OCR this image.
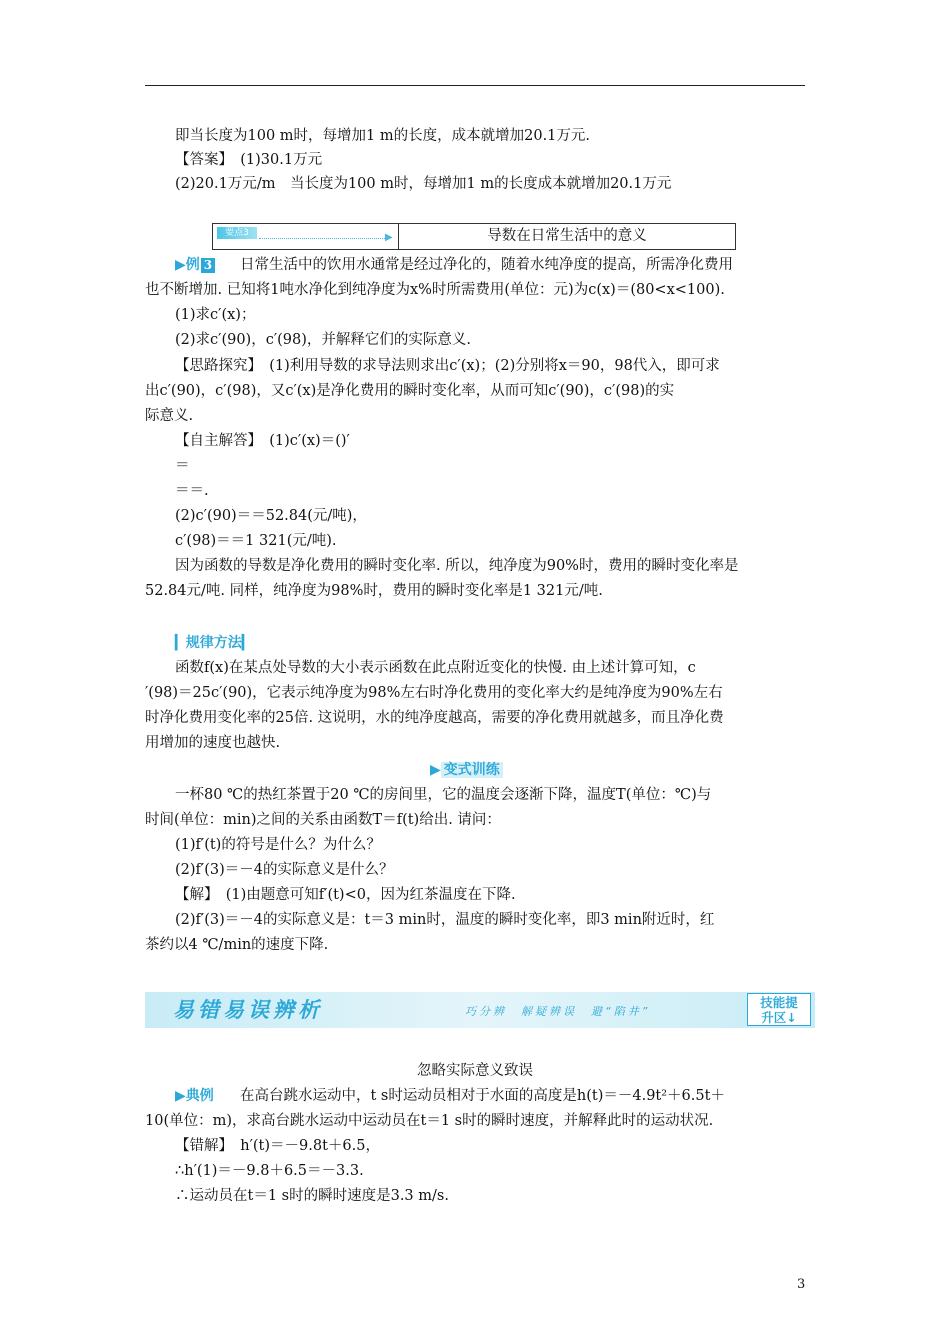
即当长度为100 m时，每增加1 m的长度，成本就增加20.1万元.
【答案】　(1)30.1万元
(2)20.1万元/m　当长度为100 m时，每增加1 m的长度成本就增加20.1万元
要点3	▶	导数在日常生活中的意义
▶例 3 日常生活中的饮用水通常是经过净化的，随着水纯净度的提高，所需净化费用
也不断增加. 已知将1吨水净化到纯净度为x%时所需费用(单位：元)为c(x)＝(80<x<100).
(1)求c′(x)；
(2)求c′(90)，c′(98)，并解释它们的实际意义.
【思路探究】　(1)利用导数的求导法则求出c′(x)；(2)分别将x＝90，98代入，即可求
出c′(90)，c′(98)，又c′(x)是净化费用的瞬时变化率，从而可知c′(90)，c′(98)的实
际意义.
【自主解答】　(1)c′(x)＝()′
＝
＝＝.
(2)c′(90)＝＝52.84(元/吨)，
c′(98)＝＝1 321(元/吨).
因为函数的导数是净化费用的瞬时变化率. 所以，纯净度为90%时，费用的瞬时变化率是
52.84元/吨. 同样，纯净度为98%时，费用的瞬时变化率是1 321元/吨.
▎规律方法▎
函数f(x)在某点处导数的大小表示函数在此点附近变化的快慢. 由上述计算可知，c
′(98)＝25c′(90)，它表示纯净度为98%左右时净化费用的变化率大约是纯净度为90%左右
时净化费用变化率的25倍. 这说明，水的纯净度越高，需要的净化费用就越多，而且净化费
用增加的速度也越快.
▶ 变式训练
一杯80 ℃的热红茶置于20 ℃的房间里，它的温度会逐渐下降，温度T(单位：℃)与
时间(单位：min)之间的关系由函数T＝f(t)给出. 请问：
(1)f′(t)的符号是什么？为什么？
(2)f′(3)＝－4的实际意义是什么？
【解】　(1)由题意可知f′(t)<0，因为红茶温度在下降.
(2)f′(3)＝－4的实际意义是：t＝3 min时，温度的瞬时变化率，即3 min附近时，红
茶约以4 ℃/min的速度下降.
易错易误辨析	巧分辨　解疑辨误　避“陷井”
技能提
升区↓
忽略实际意义致误
▶典例 在高台跳水运动中，t s时运动员相对于水面的高度是h(t)＝－4.9t²＋6.5t＋
10(单位：m)，求高台跳水运动中运动员在t＝1 s时的瞬时速度，并解释此时的运动状况.
【错解】　h′(t)＝－9.8t＋6.5，
∴h′(1)＝－9.8＋6.5＝－3.3.
∴运动员在t＝1 s时的瞬时速度是3.3 m/s.
3
